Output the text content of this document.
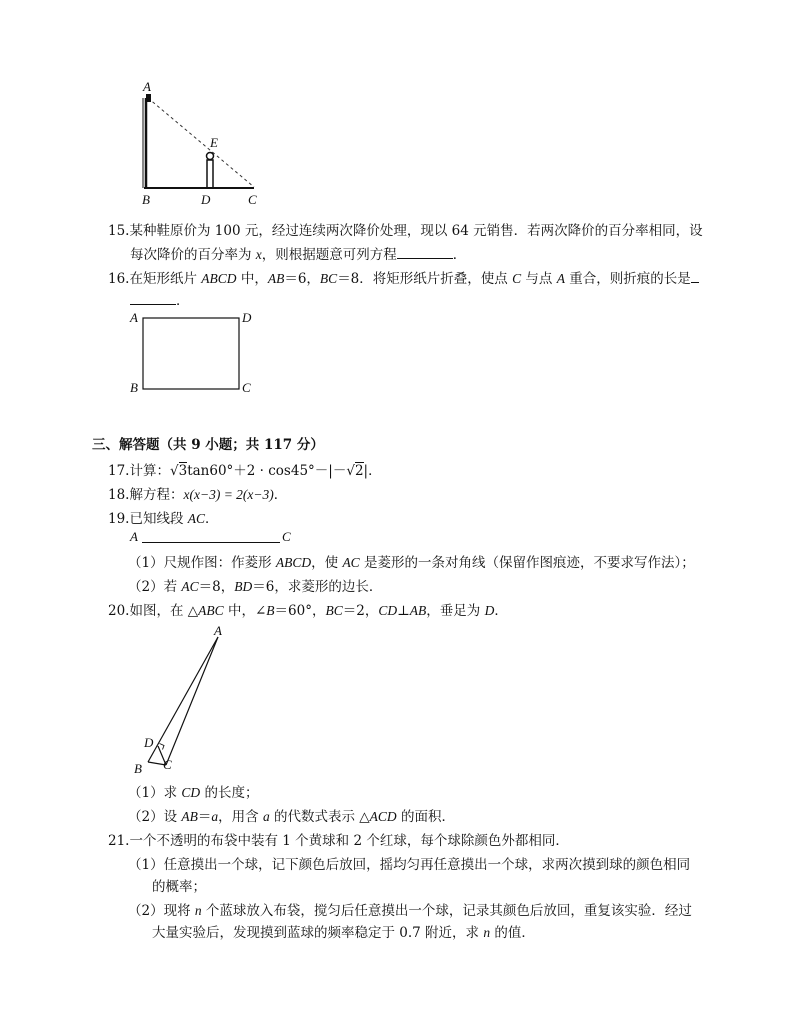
A
E
B	D	C
15.某种鞋原价为 100 元，经过连续两次降价处理，现以 64 元销售．若两次降价的百分率相同，设
每次降价的百分率为 x，则根据题意可列方程	．
16.在矩形纸片 ABCD 中，AB＝6，BC＝8．将矩形纸片折叠，使点 C 与点 A 重合，则折痕的长是
．
A	D
B	C
三、解答题（共 9 小题；共 117 分）
17.计算：√3tan60°＋2 · cos45°－|－√2|．
18.解方程：x(x−3) = 2(x−3)．
19.已知线段 AC．
A	C
（1）尺规作图：作菱形 ABCD，使 AC 是菱形的一条对角线（保留作图痕迹，不要求写作法）；
（2）若 AC＝8，BD＝6，求菱形的边长．
20.如图，在 △ABC 中，∠B＝60°，BC＝2，CD⊥AB，垂足为 D．
A
D
B C
（1）求 CD 的长度；
（2）设 AB＝a，用含 a 的代数式表示 △ACD 的面积．
21.一个不透明的布袋中装有 1 个黄球和 2 个红球，每个球除颜色外都相同．
（1）任意摸出一个球，记下颜色后放回，摇均匀再任意摸出一个球，求两次摸到球的颜色相同
的概率；
（2）现将 n 个蓝球放入布袋，搅匀后任意摸出一个球，记录其颜色后放回，重复该实验．经过
大量实验后，发现摸到蓝球的频率稳定于 0.7 附近，求 n 的值．
